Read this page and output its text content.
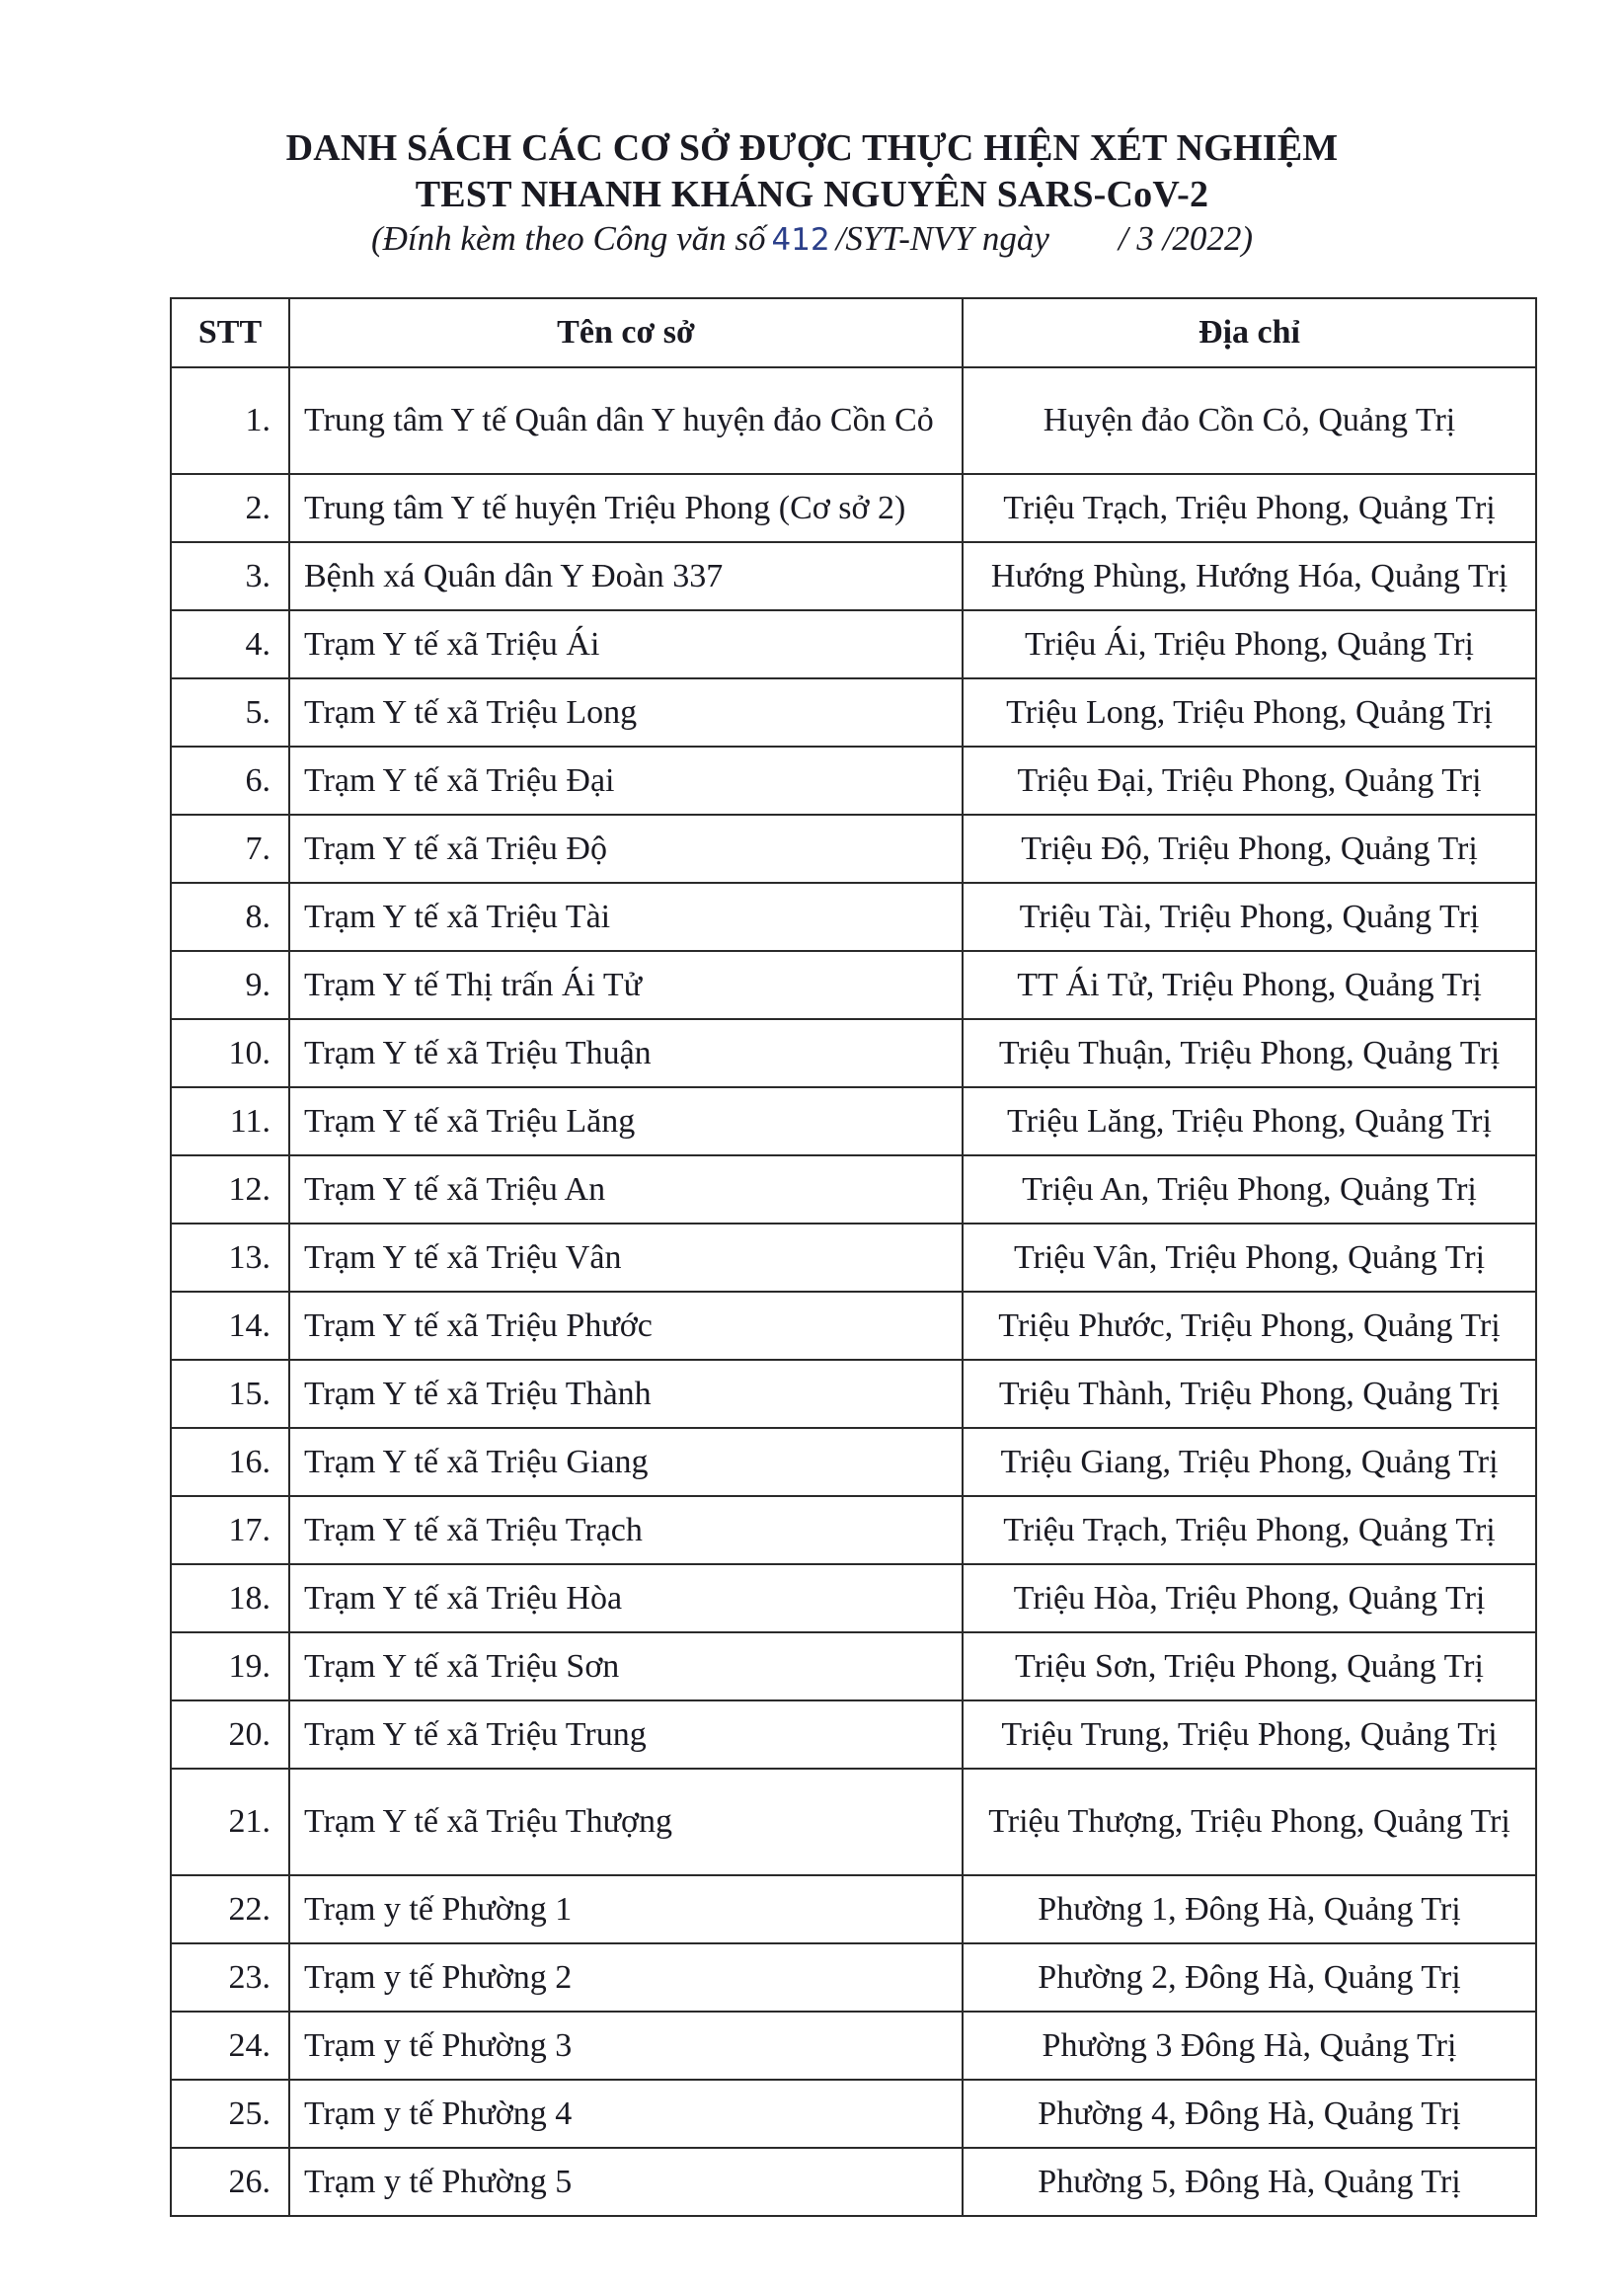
DANH SÁCH CÁC CƠ SỞ ĐƯỢC THỰC HIỆN XÉT NGHIỆM
TEST NHANH KHÁNG NGUYÊN SARS-CoV-2
(Đính kèm theo Công văn số 412 /SYT-NVY ngày        / 3 /2022)
STT	Tên cơ sở	Địa chỉ
1.	Trung tâm Y tế Quân dân Y huyện đảo Cồn Cỏ	Huyện đảo Cồn Cỏ, Quảng Trị
2.	Trung tâm Y tế huyện Triệu Phong (Cơ sở 2)	Triệu Trạch, Triệu Phong, Quảng Trị
3.	Bệnh xá Quân dân Y Đoàn 337	Hướng Phùng, Hướng Hóa, Quảng Trị
4.	Trạm Y tế xã Triệu Ái	Triệu Ái, Triệu Phong, Quảng Trị
5.	Trạm Y tế xã Triệu Long	Triệu Long, Triệu Phong, Quảng Trị
6.	Trạm Y tế xã Triệu Đại	Triệu Đại, Triệu Phong, Quảng Trị
7.	Trạm Y tế xã Triệu Độ	Triệu Độ, Triệu Phong, Quảng Trị
8.	Trạm Y tế xã Triệu Tài	Triệu Tài, Triệu Phong, Quảng Trị
9.	Trạm Y tế Thị trấn Ái Tử	TT Ái Tử, Triệu Phong, Quảng Trị
10.	Trạm Y tế xã Triệu Thuận	Triệu Thuận, Triệu Phong, Quảng Trị
11.	Trạm Y tế xã Triệu Lăng	Triệu Lăng, Triệu Phong, Quảng Trị
12.	Trạm Y tế xã Triệu An	Triệu An, Triệu Phong, Quảng Trị
13.	Trạm Y tế xã Triệu Vân	Triệu Vân, Triệu Phong, Quảng Trị
14.	Trạm Y tế xã Triệu Phước	Triệu Phước, Triệu Phong, Quảng Trị
15.	Trạm Y tế xã Triệu Thành	Triệu Thành, Triệu Phong, Quảng Trị
16.	Trạm Y tế xã Triệu Giang	Triệu Giang, Triệu Phong, Quảng Trị
17.	Trạm Y tế xã Triệu Trạch	Triệu Trạch, Triệu Phong, Quảng Trị
18.	Trạm Y tế xã Triệu Hòa	Triệu Hòa, Triệu Phong, Quảng Trị
19.	Trạm Y tế xã Triệu Sơn	Triệu Sơn, Triệu Phong, Quảng Trị
20.	Trạm Y tế xã Triệu Trung	Triệu Trung, Triệu Phong, Quảng Trị
21.	Trạm Y tế xã Triệu Thượng	Triệu Thượng, Triệu Phong, Quảng Trị
22.	Trạm y tế Phường 1	Phường 1, Đông Hà, Quảng Trị
23.	Trạm y tế Phường 2	Phường 2, Đông Hà, Quảng Trị
24.	Trạm y tế Phường 3	Phường 3 Đông Hà, Quảng Trị
25.	Trạm y tế Phường 4	Phường 4, Đông Hà, Quảng Trị
26.	Trạm y tế Phường 5	Phường 5, Đông Hà, Quảng Trị
